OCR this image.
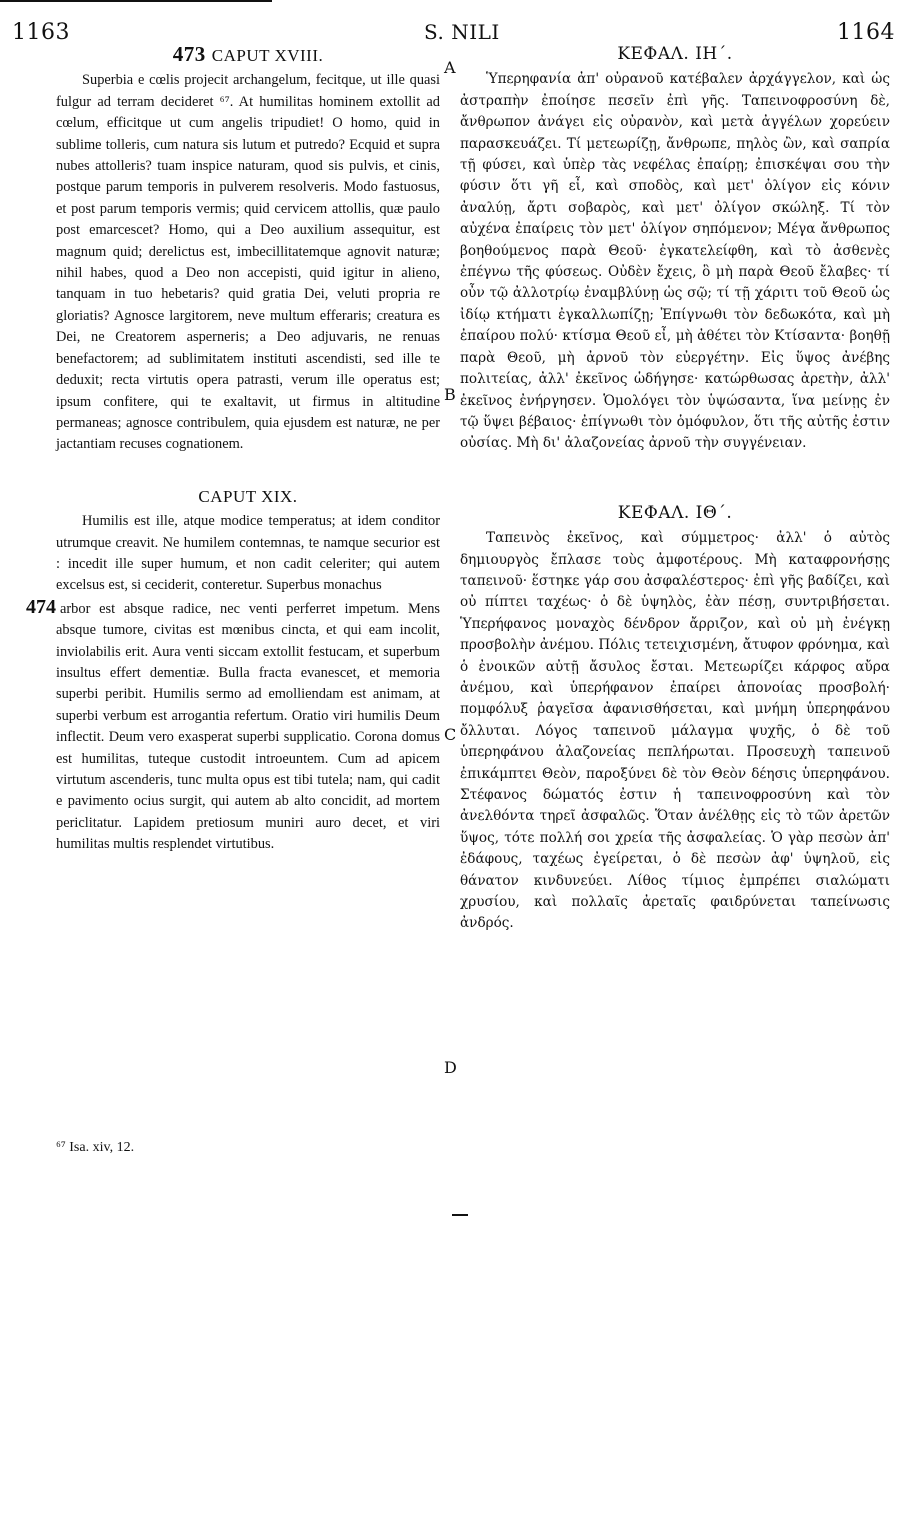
1163	S. NILI	1164
A
B
C
D
473 CAPUT XVIII.

Superbia e cœlis projecit archangelum, fecitque, ut ille quasi fulgur ad terram decideret ⁶⁷. At humilitas hominem extollit ad cœlum, efficitque ut cum angelis tripudiet! O homo, quid in sublime tolleris, cum natura sis lutum et putredo? Ecquid et supra nubes attolleris? tuam inspice naturam, quod sis pulvis, et cinis, postque parum temporis in pulverem resolveris. Modo fastuosus, et post parum temporis vermis; quid cervicem attollis, quæ paulo post emarcescet? Homo, qui a Deo auxilium assequitur, est magnum quid; derelictus est, imbecillitatemque agnovit naturæ; nihil habes, quod a Deo non accepisti, quid igitur in alieno, tanquam in tuo hebetaris? quid gratia Dei, veluti propria re gloriatis? Agnosce largitorem, neve multum efferaris; creatura es Dei, ne Creatorem asperneris; a Deo adjuvaris, ne renuas benefactorem; ad sublimitatem instituti ascendisti, sed ille te deduxit; recta virtutis opera patrasti, verum ille operatus est; ipsum confitere, qui te exaltavit, ut firmus in altitudine permaneas; agnosce contribulem, quia ejusdem est naturæ, ne per jactantiam recuses cognationem.

CAPUT XIX.

Humilis est ille, atque modice temperatus; at idem conditor utrumque creavit. Ne humilem contemnas, te namque securior est : incedit ille super humum, et non cadit celeriter; qui autem excelsus est, si ceciderit, conteretur. Superbus monachus
474 arbor est absque radice, nec venti perferret impetum. Mens absque tumore, civitas est mœnibus cincta, et qui eam incolit, inviolabilis erit. Aura venti siccam extollit festucam, et superbum insultus effert dementiæ. Bulla fracta evanescet, et memoria superbi peribit. Humilis sermo ad emolliendam est animam, at superbi verbum est arrogantia refertum. Oratio viri humilis Deum inflectit. Deum vero exasperat superbi supplicatio. Corona domus est humilitas, tuteque custodit introeuntem. Cum ad apicem virtutum ascenderis, tunc multa opus est tibi tutela; nam, qui cadit e pavimento ocius surgit, qui autem ab alto concidit, ad mortem periclitatur. Lapidem pretiosum muniri auro decet, et viri humilitas multis resplendet virtutibus.

ΚΕΦΑΛ. ΙΗ΄.

Ὑπερηφανία ἀπ' οὐρανοῦ κατέβαλεν ἀρχάγγελον, καὶ ὡς ἀστραπὴν ἐποίησε πεσεῖν ἐπὶ γῆς. Ταπεινοφροσύνη δὲ, ἄνθρωπον ἀνάγει εἰς οὐρανὸν, καὶ μετὰ ἀγγέλων χορεύειν παρασκευάζει. Τί μετεωρίζῃ, ἄνθρωπε, πηλὸς ὢν, καὶ σαπρία τῇ φύσει, καὶ ὑπὲρ τὰς νεφέλας ἐπαίρῃ; ἐπισκέψαι σου τὴν φύσιν ὅτι γῆ εἶ, καὶ σποδὸς, καὶ μετ' ὀλίγον εἰς κόνιν ἀναλύῃ, ἄρτι σοβαρὸς, καὶ μετ' ὀλίγον σκώληξ. Τί τὸν αὐχένα ἐπαίρεις τὸν μετ' ὀλίγον σηπόμενον; Μέγα ἄνθρωπος βοηθούμενος παρὰ Θεοῦ· ἐγκατελείφθη, καὶ τὸ ἀσθενὲς ἐπέγνω τῆς φύσεως. Οὐδὲν ἔχεις, ὃ μὴ παρὰ Θεοῦ ἔλαβες· τί οὖν τῷ ἀλλοτρίῳ ἐναμβλύνῃ ὡς σῷ; τί τῇ χάριτι τοῦ Θεοῦ ὡς ἰδίῳ κτήματι ἐγκαλλωπίζῃ; Ἐπίγνωθι τὸν δεδωκότα, καὶ μὴ ἐπαίρου πολύ· κτίσμα Θεοῦ εἶ, μὴ ἀθέτει τὸν Κτίσαντα· βοηθῇ παρὰ Θεοῦ, μὴ ἀρνοῦ τὸν εὐεργέτην. Εἰς ὕψος ἀνέβης πολιτείας, ἀλλ' ἐκεῖνος ὡδήγησε· κατώρθωσας ἀρετὴν, ἀλλ' ἐκεῖνος ἐνήργησεν. Ὁμολόγει τὸν ὑψώσαντα, ἵνα μείνῃς ἐν τῷ ὕψει βέβαιος· ἐπίγνωθι τὸν ὁμόφυλον, ὅτι τῆς αὐτῆς ἐστιν οὐσίας. Μὴ δι' ἀλαζονείας ἀρνοῦ τὴν συγγένειαν.

ΚΕΦΑΛ. ΙΘ΄.

Ταπεινὸς ἐκεῖνος, καὶ σύμμετρος· ἀλλ' ὁ αὐτὸς δημιουργὸς ἔπλασε τοὺς ἀμφοτέρους. Μὴ καταφρονήσῃς ταπεινοῦ· ἕστηκε γάρ σου ἀσφαλέστερος· ἐπὶ γῆς βαδίζει, καὶ οὐ πίπτει ταχέως· ὁ δὲ ὑψηλὸς, ἐὰν πέσῃ, συντριβήσεται. Ὑπερήφανος μοναχὸς δένδρον ἄρριζον, καὶ οὐ μὴ ἐνέγκῃ προσβολὴν ἀνέμου. Πόλις τετειχισμένη, ἄτυφον φρόνημα, καὶ ὁ ἐνοικῶν αὐτῇ ἄσυλος ἔσται. Μετεωρίζει κάρφος αὔρα ἀνέμου, καὶ ὑπερήφανον ἐπαίρει ἀπονοίας προσβολή· πομφόλυξ ῥαγεῖσα ἀφανισθήσεται, καὶ μνήμη ὑπερηφάνου ὄλλυται. Λόγος ταπεινοῦ μάλαγμα ψυχῆς, ὁ δὲ τοῦ ὑπερηφάνου ἀλαζονείας πεπλήρωται. Προσευχὴ ταπεινοῦ ἐπικάμπτει Θεὸν, παροξύνει δὲ τὸν Θεὸν δέησις ὑπερηφάνου. Στέφανος δώματός ἐστιν ἡ ταπεινοφροσύνη καὶ τὸν ἀνελθόντα τηρεῖ ἀσφαλῶς. Ὅταν ἀνέλθῃς εἰς τὸ τῶν ἀρετῶν ὕψος, τότε πολλή σοι χρεία τῆς ἀσφαλείας. Ὁ γὰρ πεσὼν ἀπ' ἐδάφους, ταχέως ἐγείρεται, ὁ δὲ πεσὼν ἀφ' ὑψηλοῦ, εἰς θάνατον κινδυνεύει. Λίθος τίμιος ἐμπρέπει σιαλώματι χρυσίου, καὶ πολλαῖς ἀρεταῖς φαιδρύνεται ταπείνωσις ἀνδρός.

⁶⁷ Isa. xiv, 12.
